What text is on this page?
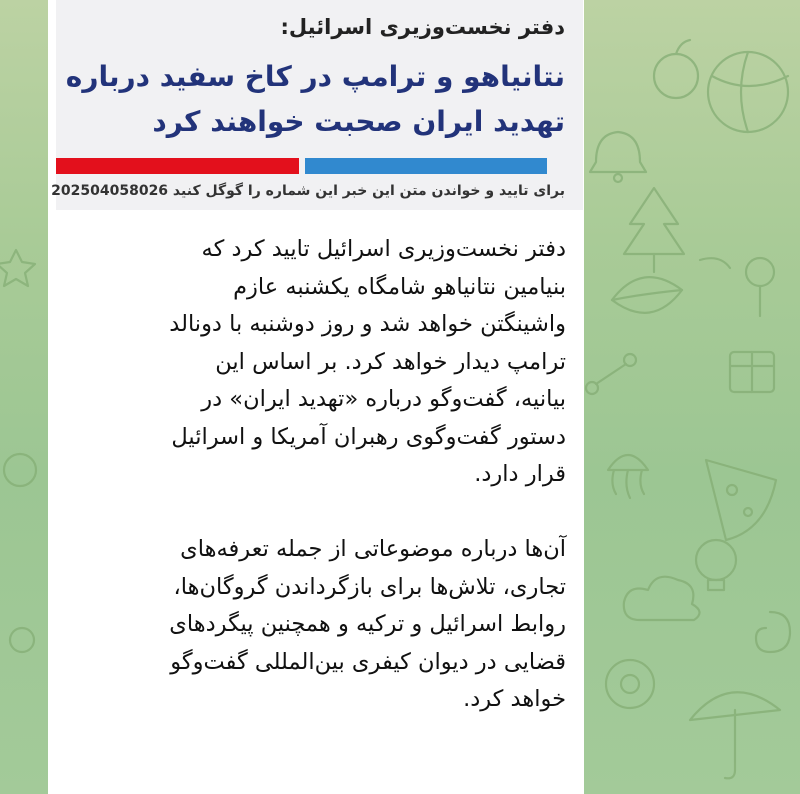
دفتر نخست‌وزیری اسرائیل:
نتانیاهو و ترامپ در کاخ سفید درباره تهدید ایران صحبت خواهند کرد
برای تایید و خواندن متن این خبر این شماره را گوگل کنید 202504058026
دفتر نخست‌وزیری اسرائیل تایید کرد که
بنیامین نتانیاهو شامگاه یکشنبه عازم
واشینگتن خواهد شد و روز دوشنبه با دونالد
ترامپ دیدار خواهد کرد. بر اساس این
بیانیه، گفت‌وگو درباره «تهدید ایران» در
دستور گفت‌وگوی رهبران آمریکا و اسرائیل
قرار دارد.

آن‌ها درباره موضوعاتی از جمله تعرفه‌های
تجاری، تلاش‌ها برای بازگرداندن گروگان‌ها،
روابط اسرائیل و ترکیه و همچنین پیگردهای
قضایی در دیوان کیفری بین‌المللی گفت‌وگو
خواهد کرد.
